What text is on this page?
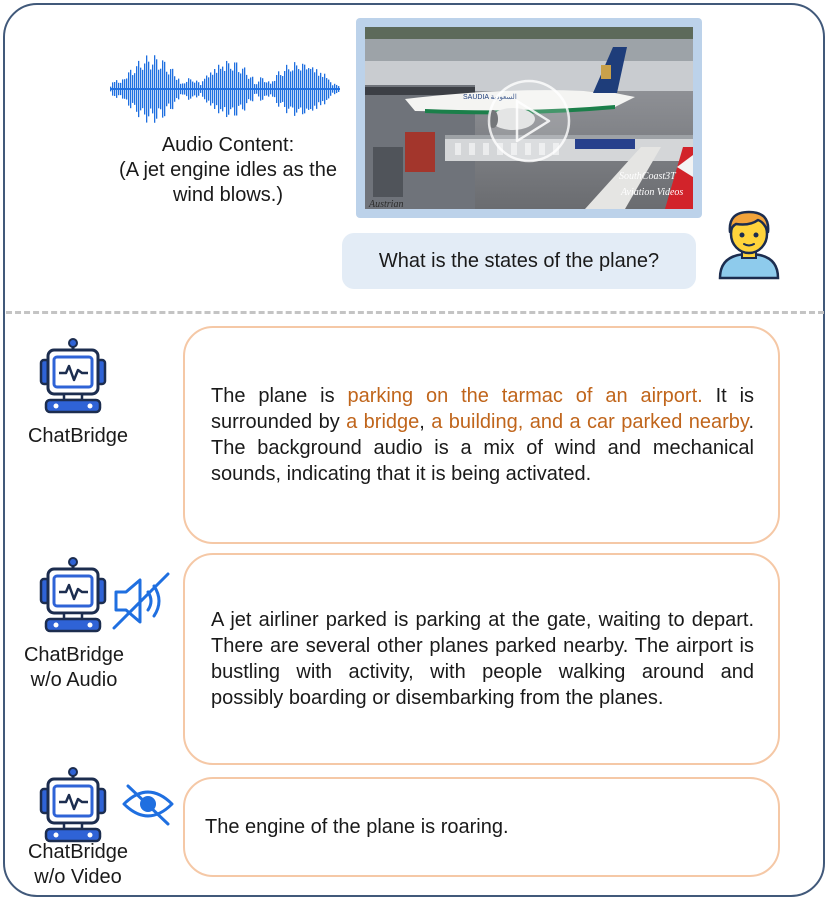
Audio Content:
(A jet engine idles as the
wind blows.)
SAUDIA السعودية
Austrian
SouthCoast3T
Aviation Videos
What is the states of the plane?
ChatBridge

The plane is parking on the tarmac of an airport. It is surrounded by a bridge, a building, and a car parked nearby. The background audio is a mix of wind and mechanical sounds, indicating that it is being activated.

ChatBridge
w/o Audio

A jet airliner parked is parking at the gate, waiting to depart. There are several other planes parked nearby. The airport is bustling with activity, with people walking around and possibly boarding or disembarking from the planes.

ChatBridge
w/o Video

The engine of the plane is roaring.
